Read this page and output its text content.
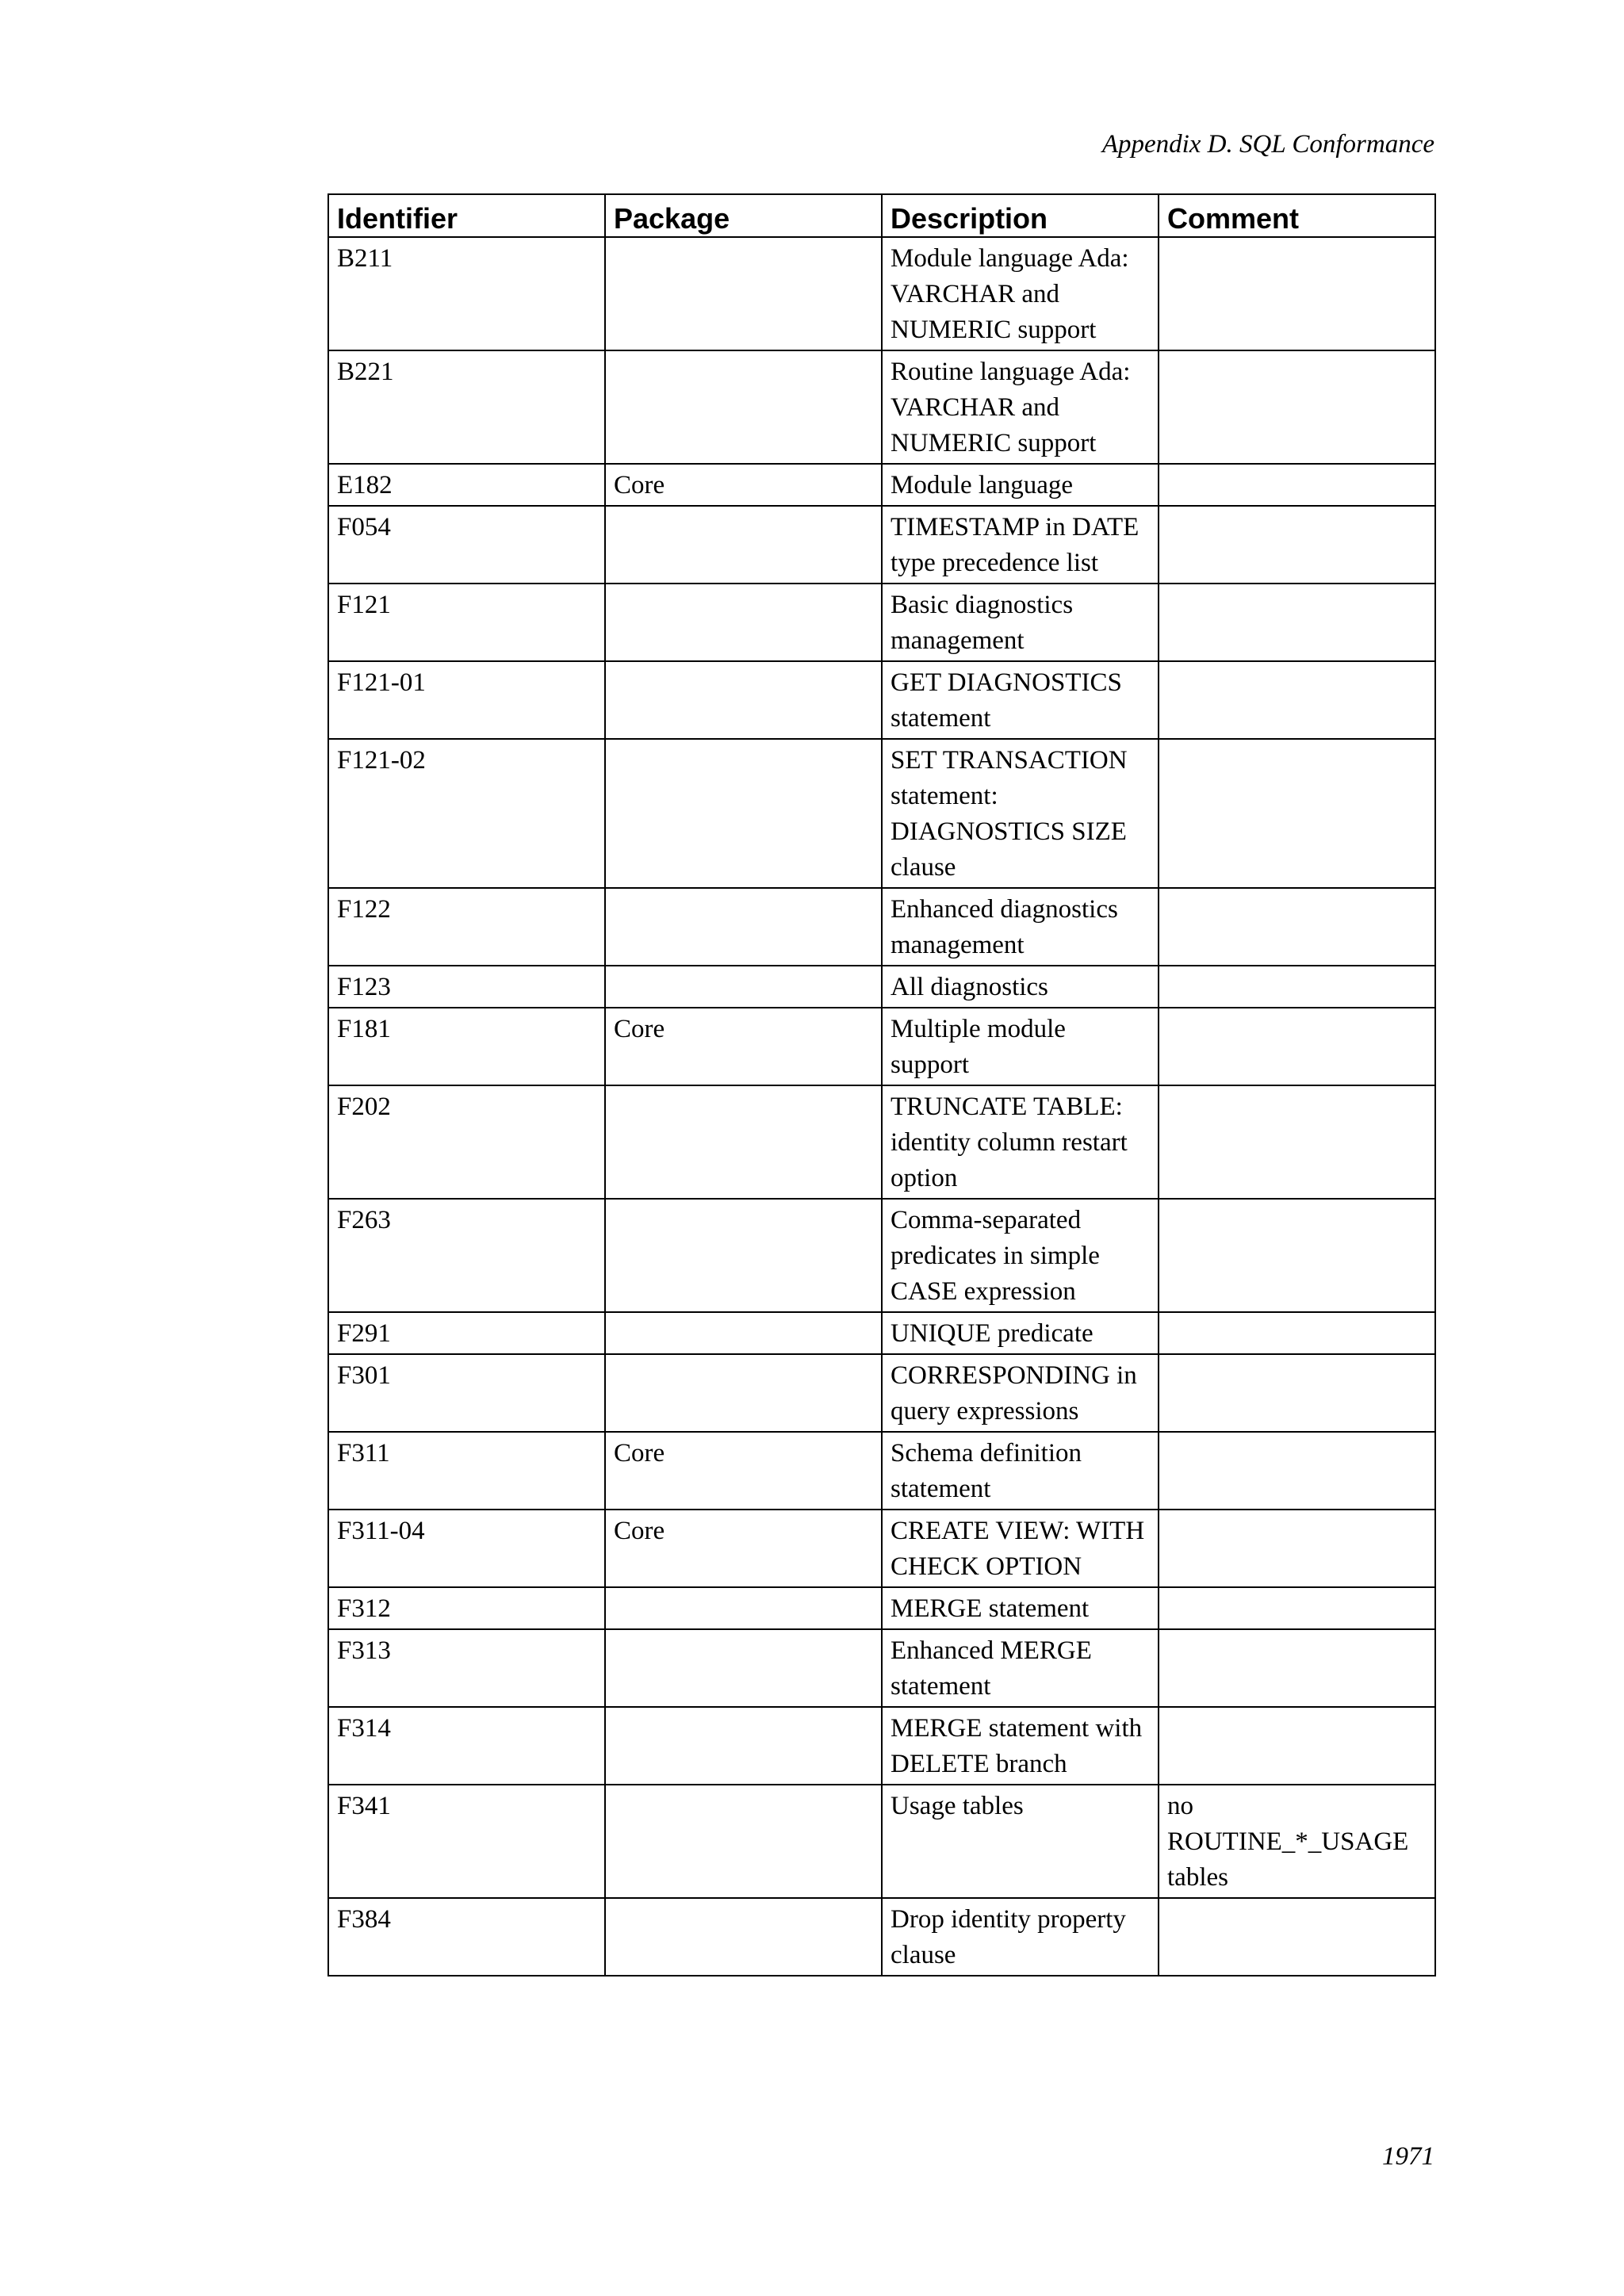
Appendix D. SQL Conformance
Identifier	Package	Description	Comment
B211		Module language Ada: VARCHAR and NUMERIC support	
B221		Routine language Ada: VARCHAR and NUMERIC support	
E182	Core	Module language	
F054		TIMESTAMP in DATE type precedence list	
F121		Basic diagnostics management	
F121-01		GET DIAGNOSTICS statement	
F121-02		SET TRANSACTION statement: DIAGNOSTICS SIZE clause	
F122		Enhanced diagnostics management	
F123		All diagnostics	
F181	Core	Multiple module support	
F202		TRUNCATE TABLE: identity column restart option	
F263		Comma-separated predicates in simple CASE expression	
F291		UNIQUE predicate	
F301		CORRESPONDING in query expressions	
F311	Core	Schema definition statement	
F311-04	Core	CREATE VIEW: WITH CHECK OPTION	
F312		MERGE statement	
F313		Enhanced MERGE statement	
F314		MERGE statement with DELETE branch	
F341		Usage tables	no ROUTINE_*_USAGE tables
F384		Drop identity property clause	
1971
